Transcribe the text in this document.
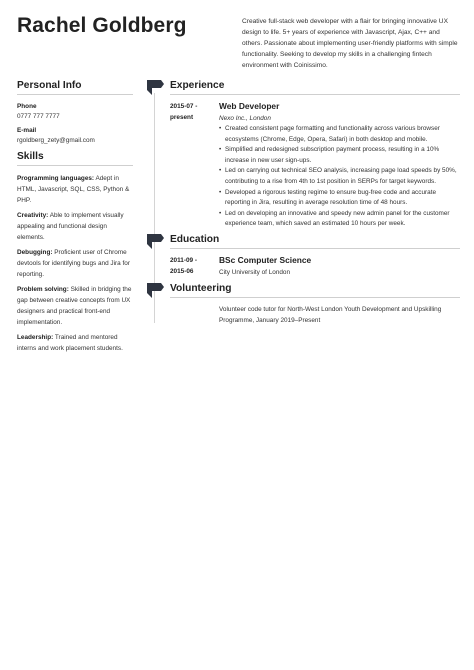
Rachel Goldberg	Creative full-stack web developer with a flair for bringing innovative UX design to life. 5+ years of experience with Javascript, Ajax, C++ and others. Passionate about implementing user-friendly platforms with simple functionality. Seeking to develop my skills in a challenging fintech environment with Coinissimo.
Personal Info
Phone
0777 777 7777
E-mail
rgoldberg_zety@gmail.com
Skills
Programming languages: Adept in HTML, Javascript, SQL, CSS, Python & PHP.
Creativity: Able to implement visually appealing and functional design elements.
Debugging: Proficient user of Chrome devtools for identifying bugs and Jira for reporting.
Problem solving: Skilled in bridging the gap between creative concepts from UX designers and practical front-end implementation.
Leadership: Trained and mentored interns and work placement students.
Experience
2015-07 -
present
Web Developer
Nexo Inc., London
• Created consistent page formatting and functionality across various browser ecosystems (Chrome, Edge, Opera, Safari) in both desktop and mobile.
• Simplified and redesigned subscription payment process, resulting in a 10% increase in new user sign-ups.
• Led on carrying out technical SEO analysis, increasing page load speeds by 50%, contributing to a rise from 4th to 1st position in SERPs for target keywords.
• Developed a rigorous testing regime to ensure bug-free code and accurate reporting in Jira, resulting in average resolution time of 48 hours.
• Led on developing an innovative and speedy new admin panel for the customer experience team, which saved an estimated 10 hours per week.
Education
2011-09 -
2015-06
BSc Computer Science
City University of London
Volunteering
Volunteer code tutor for North-West London Youth Development and Upskilling Programme, January 2019–Present
